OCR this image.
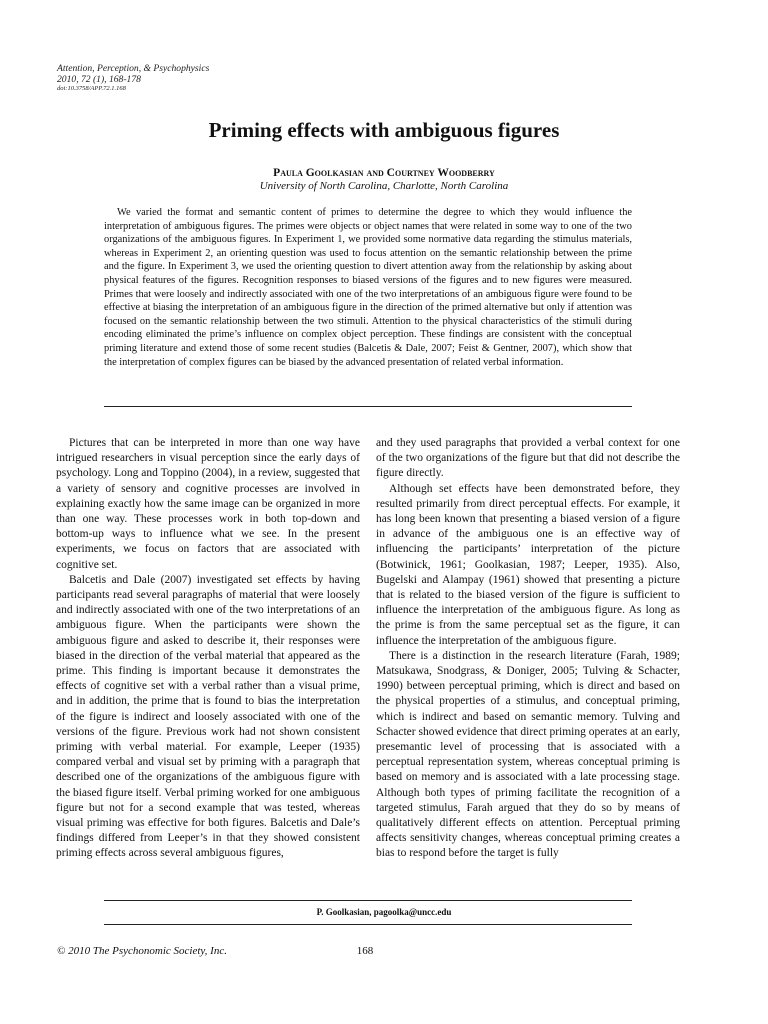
Attention, Perception, & Psychophysics
2010, 72 (1), 168-178
doi:10.3758/APP.72.1.168
Priming effects with ambiguous figures
Paula Goolkasian and Courtney Woodberry
University of North Carolina, Charlotte, North Carolina

We varied the format and semantic content of primes to determine the degree to which they would influence the interpretation of ambiguous figures. The primes were objects or object names that were related in some way to one of the two organizations of the ambiguous figures. In Experiment 1, we provided some normative data regarding the stimulus materials, whereas in Experiment 2, an orienting question was used to focus attention on the semantic relationship between the prime and the figure. In Experiment 3, we used the orienting question to divert attention away from the relationship by asking about physical features of the figures. Recognition responses to biased versions of the figures and to new figures were measured. Primes that were loosely and indirectly associated with one of the two interpretations of an ambiguous figure were found to be effective at biasing the interpretation of an ambiguous figure in the direction of the primed alternative but only if attention was focused on the semantic relationship between the two stimuli. Attention to the physical characteristics of the stimuli during encoding eliminated the prime’s influence on complex object perception. These findings are consistent with the conceptual priming literature and extend those of some recent studies (Balcetis & Dale, 2007; Feist & Gentner, 2007), which show that the interpretation of complex figures can be biased by the advanced presentation of related verbal information.

Pictures that can be interpreted in more than one way have intrigued researchers in visual perception since the early days of psychology. Long and Toppino (2004), in a review, suggested that a variety of sensory and cognitive processes are involved in explaining exactly how the same image can be organized in more than one way. These processes work in both top-down and bottom-up ways to influence what we see. In the present experiments, we focus on factors that are associated with cognitive set.

Balcetis and Dale (2007) investigated set effects by having participants read several paragraphs of material that were loosely and indirectly associated with one of the two interpretations of an ambiguous figure. When the participants were shown the ambiguous figure and asked to describe it, their responses were biased in the direction of the verbal material that appeared as the prime. This finding is important because it demonstrates the effects of cognitive set with a verbal rather than a visual prime, and in addition, the prime that is found to bias the interpretation of the figure is indirect and loosely associated with one of the versions of the figure. Previous work had not shown consistent priming with verbal material. For example, Leeper (1935) compared verbal and visual set by priming with a paragraph that described one of the organizations of the ambiguous figure with the biased figure itself. Verbal priming worked for one ambiguous figure but not for a second example that was tested, whereas visual priming was effective for both figures. Balcetis and Dale’s findings differed from Leeper’s in that they showed consistent priming effects across several ambiguous figures,

and they used paragraphs that provided a verbal context for one of the two organizations of the figure but that did not describe the figure directly.

Although set effects have been demonstrated before, they resulted primarily from direct perceptual effects. For example, it has long been known that presenting a biased version of a figure in advance of the ambiguous one is an effective way of influencing the participants’ interpretation of the picture (Botwinick, 1961; Goolkasian, 1987; Leeper, 1935). Also, Bugelski and Alampay (1961) showed that presenting a picture that is related to the biased version of the figure is sufficient to influence the interpretation of the ambiguous figure. As long as the prime is from the same perceptual set as the figure, it can influence the interpretation of the ambiguous figure.

There is a distinction in the research literature (Farah, 1989; Matsukawa, Snodgrass, & Doniger, 2005; Tulving & Schacter, 1990) between perceptual priming, which is direct and based on the physical properties of a stimulus, and conceptual priming, which is indirect and based on semantic memory. Tulving and Schacter showed evidence that direct priming operates at an early, presemantic level of processing that is associated with a perceptual representation system, whereas conceptual priming is based on memory and is associated with a late processing stage. Although both types of priming facilitate the recognition of a targeted stimulus, Farah argued that they do so by means of qualitatively different effects on attention. Perceptual priming affects sensitivity changes, whereas conceptual priming creates a bias to respond before the target is fully

P. Goolkasian, pagoolka@uncc.edu
© 2010 The Psychonomic Society, Inc.	168
